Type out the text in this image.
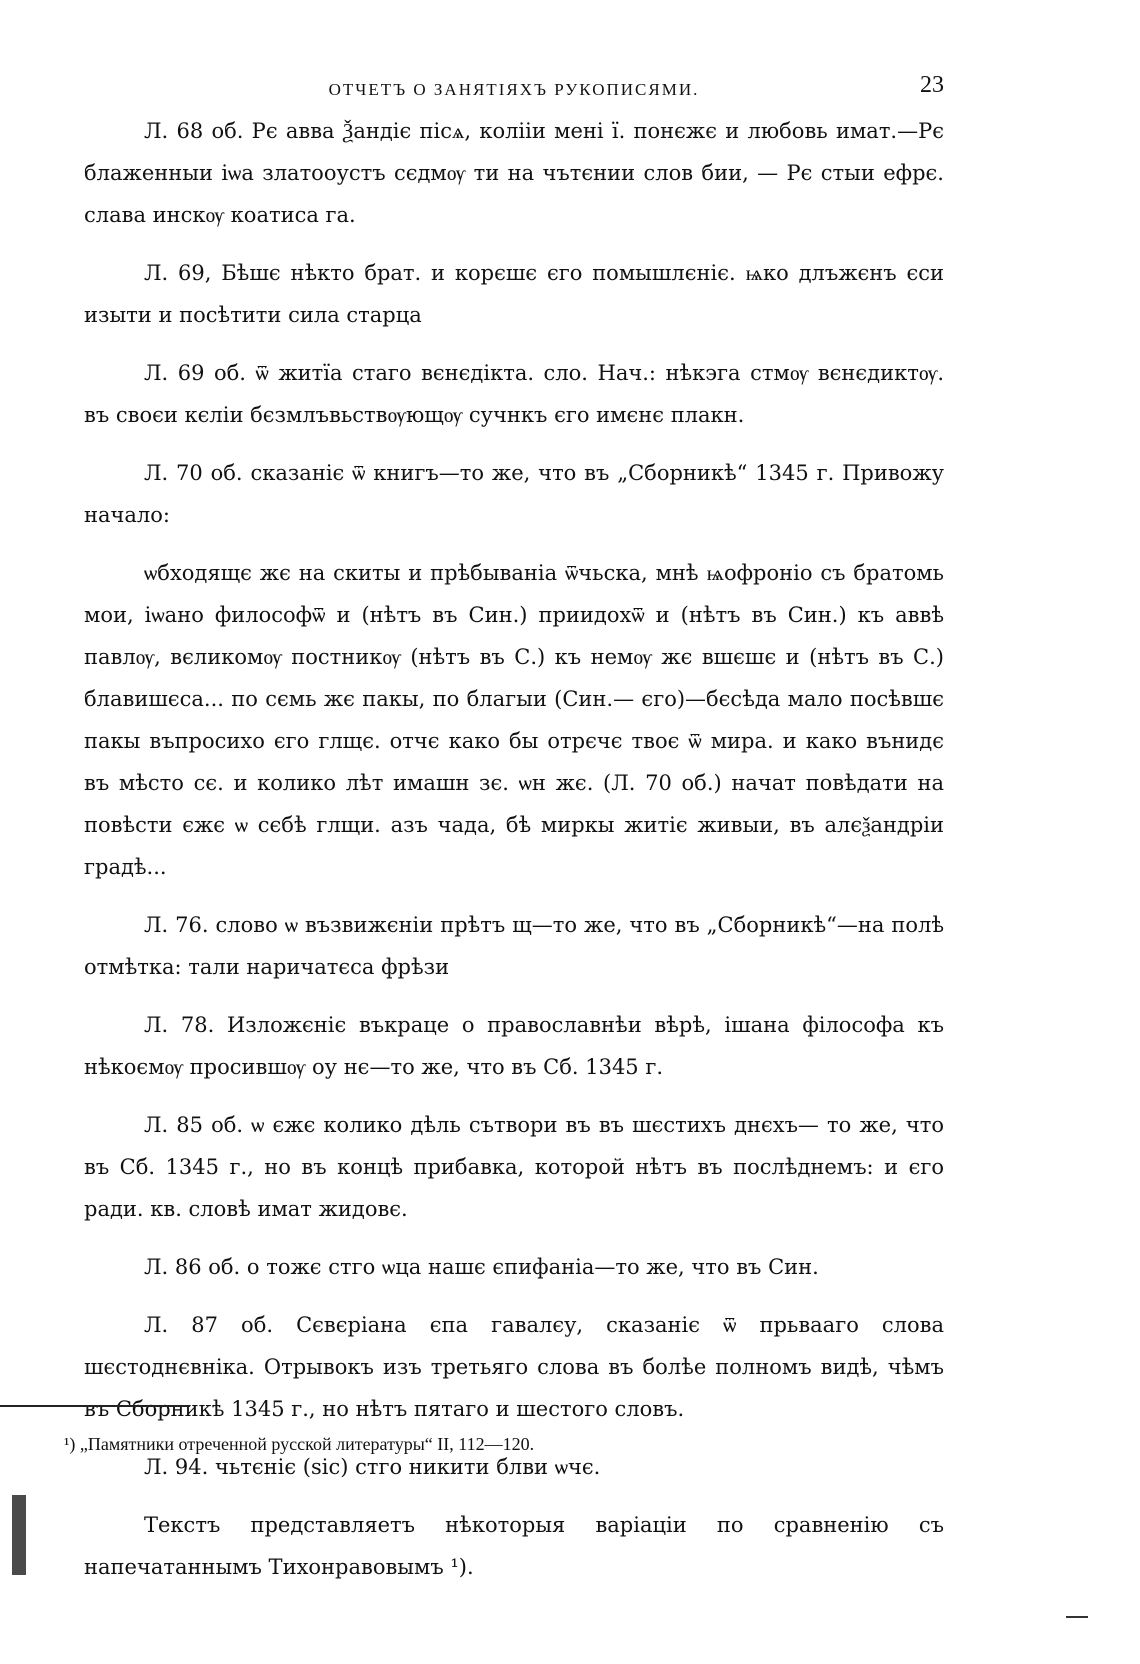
ОТЧЕТЪ О ЗАНЯТІЯХЪ РУКОПИСЯМИ.	23

Л. 68 об. Рє авва Ѯандіє пісѧ, колііи мені ї. понєжє и любовь имат.—Рє блаженныи іѡа златооустъ сєдмѹ ти на чътєнии слов бии, — Рє стыи ефрє. слава инскѹ коатиса га.

Л. 69, Бѣшє нѣкто брат. и корєшє єго помышлєніє. ѩко длъжєнъ єси изыти и посѣтити сила старца

Л. 69 об. ѿ житїа стаго вєнєдікта. сло. Нач.: нѣкэга стмѹ вєнєдиктѹ. въ своєи кєліи бєзмлъвьствѹющѹ сучнкъ єго имєнє плакн.

Л. 70 об. сказаніє ѿ книгъ—то же, что въ „Сборникѣ“ 1345 г. Привожу начало:

ѡбходящє жє на скиты и прѣбываніа ѿчьска, мнѣ ѩофроніо съ братомь мои, іѡано философѿ и (нѣтъ въ Син.) приидохѿ и (нѣтъ въ Син.) къ аввѣ павлѹ, вєликомѹ постникѹ (нѣтъ въ С.) къ немѹ жє вшєшє и (нѣтъ въ С.) блавишєса... по сємь жє пакы, по благыи (Син.— єго)—бєсѣда мало посѣвшє пакы въпросихо єго глщє. отчє како бы отрєчє твоє ѿ мира. и како вънидє въ мѣсто сє. и колико лѣт имашн зє. ѡн жє. (Л. 70 об.) начат повѣдати на повѣсти єжє ѡ сєбѣ глщи. азъ чада, бѣ миркы житіє живыи, въ алєѯандріи градѣ...

Л. 76. слово ѡ възвижєніи прѣтъ щ—то же, что въ „Сборникѣ“—на полѣ отмѣтка: тали наричатєса фрѣзи

Л. 78. Изложєніє въкраце о православнѣи вѣрѣ, ішана філософа къ нѣкоємѹ просившѹ оу нє—то же, что въ Сб. 1345 г.

Л. 85 об. ѡ єжє колико дѣль сътвори въ въ шєстихъ днєхъ— то же, что въ Сб. 1345 г., но въ концѣ прибавка, которой нѣтъ въ послѣднемъ: и єго ради. кв. словѣ имат жидовє.

Л. 86 об. о тожє стго ѡца нашє єпифаніа—то же, что въ Син.

Л. 87 об. Сєвєріана єпа гавалєу, сказаніє ѿ прьвааго слова шєстоднєвніка. Отрывокъ изъ третьяго слова въ болѣе полномъ видѣ, чѣмъ въ Сборникѣ 1345 г., но нѣтъ пятаго и шестого словъ.

Л. 94. чьтєніє (sic) стго никити блви ѡчє.

Текстъ представляетъ нѣкоторыя варіаціи по сравненію съ напечатаннымъ Тихонравовымъ ¹).

¹) „Памятники отреченной русской литературы“ II, 112—120.
